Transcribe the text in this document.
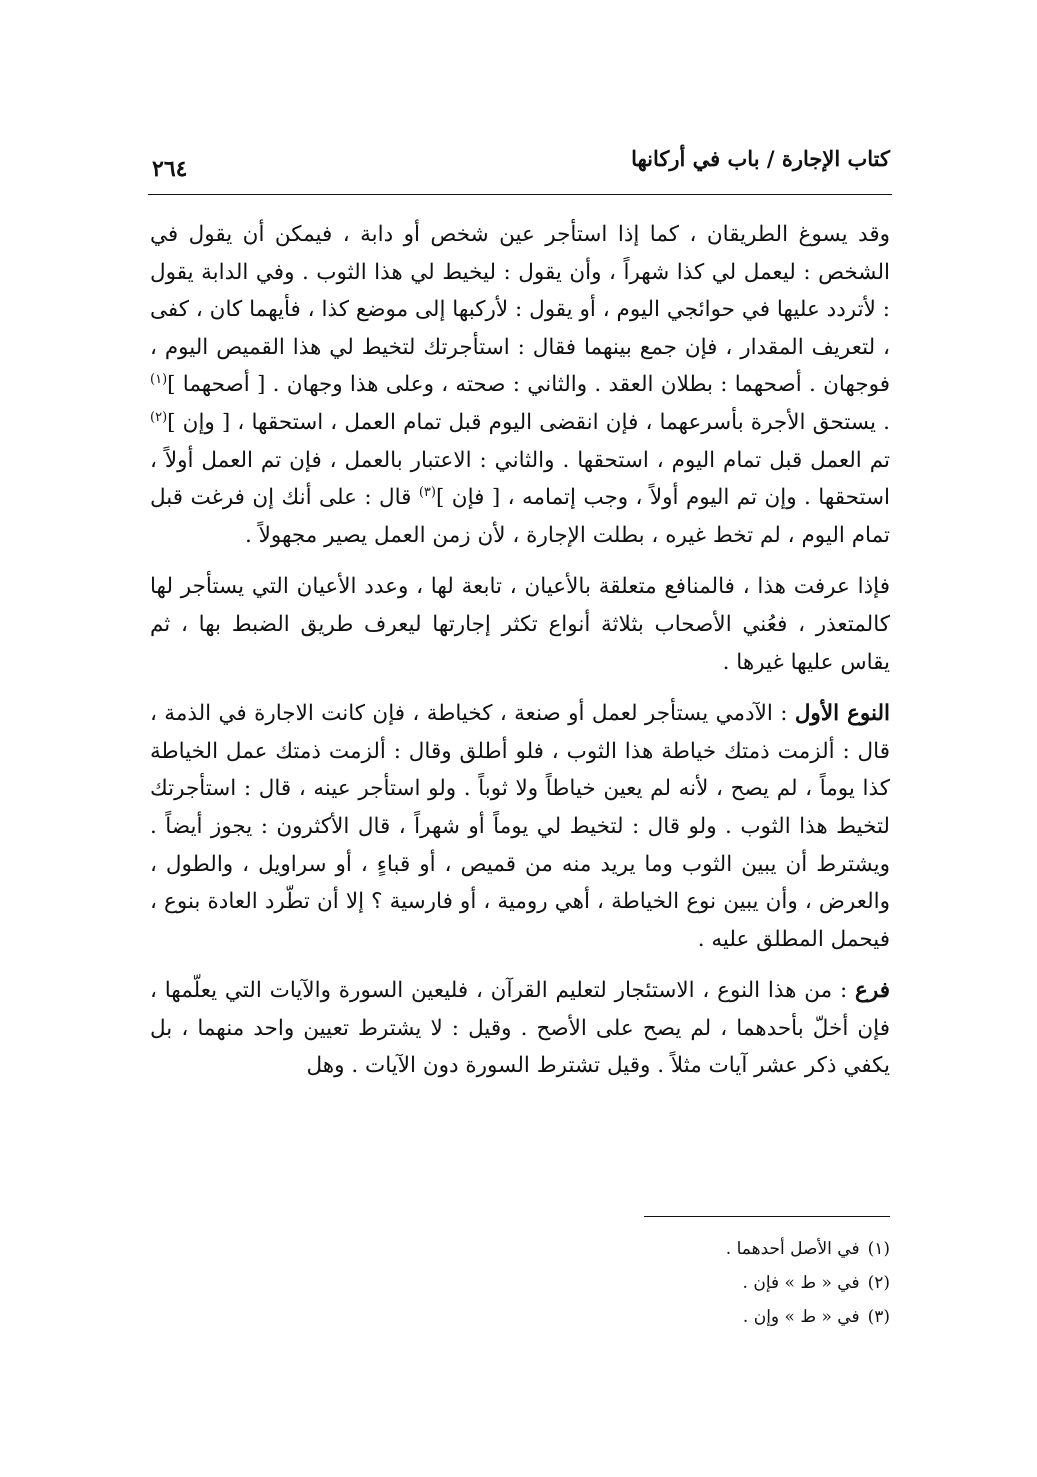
كتاب الإجارة / باب في أركانها
٢٦٤

وقد يسوغ الطريقان ، كما إذا استأجر عين شخص أو دابة ، فيمكن أن يقول في الشخص : ليعمل لي كذا شهراً ، وأن يقول : ليخيط لي هذا الثوب . وفي الدابة يقول : لأتردد عليها في حوائجي اليوم ، أو يقول : لأركبها إلى موضع كذا ، فأيهما كان ، كفى ، لتعريف المقدار ، فإن جمع بينهما فقال : استأجرتك لتخيط لي هذا القميص اليوم ، فوجهان . أصحهما : بطلان العقد . والثاني : صحته ، وعلى هذا وجهان . [ أصحهما ]$^{(١)}$ . يستحق الأجرة بأسرعهما ، فإن انقضى اليوم قبل تمام العمل ، استحقها ، [ وإن ]$^{(٢)}$ تم العمل قبل تمام اليوم ، استحقها . والثاني : الاعتبار بالعمل ، فإن تم العمل أولاً ، استحقها . وإن تم اليوم أولاً ، وجب إتمامه ، [ فإن ]$^{(٣)}$ قال : على أنك إن فرغت قبل تمام اليوم ، لم تخط غيره ، بطلت الإجارة ، لأن زمن العمل يصير مجهولاً .

فإذا عرفت هذا ، فالمنافع متعلقة بالأعيان ، تابعة لها ، وعدد الأعيان التي يستأجر لها كالمتعذر ، فعُني الأصحاب بثلاثة أنواع تكثر إجارتها ليعرف طريق الضبط بها ، ثم يقاس عليها غيرها .

النوع الأول : الآدمي يستأجر لعمل أو صنعة ، كخياطة ، فإن كانت الاجارة في الذمة ، قال : ألزمت ذمتك خياطة هذا الثوب ، فلو أطلق وقال : ألزمت ذمتك عمل الخياطة كذا يوماً ، لم يصح ، لأنه لم يعين خياطاً ولا ثوباً . ولو استأجر عينه ، قال : استأجرتك لتخيط هذا الثوب . ولو قال : لتخيط لي يوماً أو شهراً ، قال الأكثرون : يجوز أيضاً . ويشترط أن يبين الثوب وما يريد منه من قميص ، أو قباءٍ ، أو سراويل ، والطول ، والعرض ، وأن يبين نوع الخياطة ، أهي رومية ، أو فارسية ؟ إلا أن تطّرد العادة بنوع ، فيحمل المطلق عليه .

فرع : من هذا النوع ، الاستئجار لتعليم القرآن ، فليعين السورة والآيات التي يعلّمها ، فإن أخلّ بأحدهما ، لم يصح على الأصح . وقيل : لا يشترط تعيين واحد منهما ، بل يكفي ذكر عشر آيات مثلاً . وقيل تشترط السورة دون الآيات . وهل

(١)في الأصل أحدهما .
(٢)في « ط » فإن .
(٣)في « ط » وإن .
